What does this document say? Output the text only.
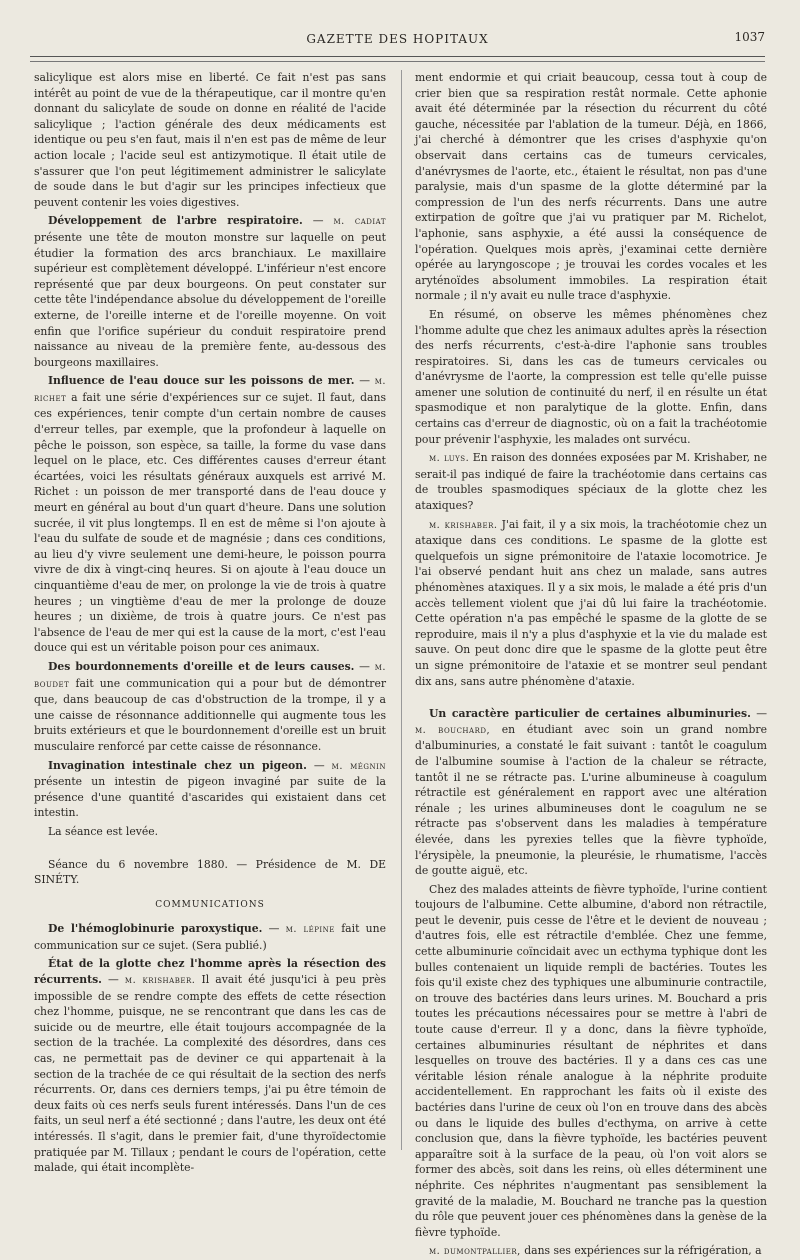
GAZETTE DES HOPITAUX	1037

salicylique est alors mise en liberté. Ce fait n'est pas sans intérêt au point de vue de la thérapeutique, car il montre qu'en donnant du salicylate de soude on donne en réalité de l'acide salicylique ; l'action générale des deux médicaments est identique ou peu s'en faut, mais il n'en est pas de même de leur action locale ; l'acide seul est antizymotique. Il était utile de s'assurer que l'on peut légitimement administrer le salicylate de soude dans le but d'agir sur les principes infectieux que peuvent contenir les voies digestives.

Développement de l'arbre respiratoire. — m. cadiat présente une tête de mouton monstre sur laquelle on peut étudier la formation des arcs branchiaux. Le maxillaire supérieur est complètement développé. L'inférieur n'est encore représenté que par deux bourgeons. On peut constater sur cette tête l'indépendance absolue du développement de l'oreille externe, de l'oreille interne et de l'oreille moyenne. On voit enfin que l'orifice supérieur du conduit respiratoire prend naissance au niveau de la première fente, au-dessous des bourgeons maxillaires.

Influence de l'eau douce sur les poissons de mer. — m. richet a fait une série d'expériences sur ce sujet. Il faut, dans ces expériences, tenir compte d'un certain nombre de causes d'erreur telles, par exemple, que la profondeur à laquelle on pêche le poisson, son espèce, sa taille, la forme du vase dans lequel on le place, etc. Ces différentes causes d'erreur étant écartées, voici les résultats généraux auxquels est arrivé M. Richet : un poisson de mer transporté dans de l'eau douce y meurt en général au bout d'un quart d'heure. Dans une solution sucrée, il vit plus longtemps. Il en est de même si l'on ajoute à l'eau du sulfate de soude et de magnésie ; dans ces conditions, au lieu d'y vivre seulement une demi-heure, le poisson pourra vivre de dix à vingt-cinq heures. Si on ajoute à l'eau douce un cinquantième d'eau de mer, on prolonge la vie de trois à quatre heures ; un vingtième d'eau de mer la prolonge de douze heures ; un dixième, de trois à quatre jours. Ce n'est pas l'absence de l'eau de mer qui est la cause de la mort, c'est l'eau douce qui est un véritable poison pour ces animaux.

Des bourdonnements d'oreille et de leurs causes. — m. boudet fait une communication qui a pour but de démontrer que, dans beaucoup de cas d'obstruction de la trompe, il y a une caisse de résonnance additionnelle qui augmente tous les bruits extérieurs et que le bourdonnement d'oreille est un bruit musculaire renforcé par cette caisse de résonnance.

Invagination intestinale chez un pigeon. — m. mégnin présente un intestin de pigeon invaginé par suite de la présence d'une quantité d'ascarides qui existaient dans cet intestin.

La séance est levée.

Séance du 6 novembre 1880. — Présidence de M. DE SINÉTY.

COMMUNICATIONS

De l'hémoglobinurie paroxystique. — m. lépine fait une communication sur ce sujet. (Sera publié.)

État de la glotte chez l'homme après la résection des récurrents. — m. krishaber. Il avait été jusqu'ici à peu près impossible de se rendre compte des effets de cette résection chez l'homme, puisque, ne se rencontrant que dans les cas de suicide ou de meurtre, elle était toujours accompagnée de la section de la trachée. La complexité des désordres, dans ces cas, ne permettait pas de deviner ce qui appartenait à la section de la trachée de ce qui résultait de la section des nerfs récurrents. Or, dans ces derniers temps, j'ai pu être témoin de deux faits où ces nerfs seuls furent intéressés. Dans l'un de ces faits, un seul nerf a été sectionné ; dans l'autre, les deux ont été intéressés. Il s'agit, dans le premier fait, d'une thyroïdectomie pratiquée par M. Tillaux ; pendant le cours de l'opération, cette malade, qui était incomplète-

ment endormie et qui criait beaucoup, cessa tout à coup de crier bien que sa respiration restât normale. Cette aphonie avait été déterminée par la résection du récurrent du côté gauche, nécessitée par l'ablation de la tumeur. Déjà, en 1866, j'ai cherché à démontrer que les crises d'asphyxie qu'on observait dans certains cas de tumeurs cervicales, d'anévrysmes de l'aorte, etc., étaient le résultat, non pas d'une paralysie, mais d'un spasme de la glotte déterminé par la compression de l'un des nerfs récurrents. Dans une autre extirpation de goître que j'ai vu pratiquer par M. Richelot, l'aphonie, sans asphyxie, a été aussi la conséquence de l'opération. Quelques mois après, j'examinai cette dernière opérée au laryngoscope ; je trouvai les cordes vocales et les aryténoïdes absolument immobiles. La respiration était normale ; il n'y avait eu nulle trace d'asphyxie.

En résumé, on observe les mêmes phénomènes chez l'homme adulte que chez les animaux adultes après la résection des nerfs récurrents, c'est-à-dire l'aphonie sans troubles respiratoires. Si, dans les cas de tumeurs cervicales ou d'anévrysme de l'aorte, la compression est telle qu'elle puisse amener une solution de continuité du nerf, il en résulte un état spasmodique et non paralytique de la glotte. Enfin, dans certains cas d'erreur de diagnostic, où on a fait la trachéotomie pour prévenir l'asphyxie, les malades ont survécu.

m. luys. En raison des données exposées par M. Krishaber, ne serait-il pas indiqué de faire la trachéotomie dans certains cas de troubles spasmodiques spéciaux de la glotte chez les ataxiques?

m. krishaber. J'ai fait, il y a six mois, la trachéotomie chez un ataxique dans ces conditions. Le spasme de la glotte est quelquefois un signe prémonitoire de l'ataxie locomotrice. Je l'ai observé pendant huit ans chez un malade, sans autres phénomènes ataxiques. Il y a six mois, le malade a été pris d'un accès tellement violent que j'ai dû lui faire la trachéotomie. Cette opération n'a pas empêché le spasme de la glotte de se reproduire, mais il n'y a plus d'asphyxie et la vie du malade est sauve. On peut donc dire que le spasme de la glotte peut être un signe prémonitoire de l'ataxie et se montrer seul pendant dix ans, sans autre phénomène d'ataxie.

Un caractère particulier de certaines albuminuries. — m. bouchard, en étudiant avec soin un grand nombre d'albuminuries, a constaté le fait suivant : tantôt le coagulum de l'albumine soumise à l'action de la chaleur se rétracte, tantôt il ne se rétracte pas. L'urine albumineuse à coagulum rétractile est généralement en rapport avec une altération rénale ; les urines albumineuses dont le coagulum ne se rétracte pas s'observent dans les maladies à température élevée, dans les pyrexies telles que la fièvre typhoïde, l'érysipèle, la pneumonie, la pleurésie, le rhumatisme, l'accès de goutte aiguë, etc.

Chez des malades atteints de fièvre typhoïde, l'urine contient toujours de l'albumine. Cette albumine, d'abord non rétractile, peut le devenir, puis cesse de l'être et le devient de nouveau ; d'autres fois, elle est rétractile d'emblée. Chez une femme, cette albuminurie coïncidait avec un ecthyma typhique dont les bulles contenaient un liquide rempli de bactéries. Toutes les fois qu'il existe chez des typhiques une albuminurie contractile, on trouve des bactéries dans leurs urines. M. Bouchard a pris toutes les précautions nécessaires pour se mettre à l'abri de toute cause d'erreur. Il y a donc, dans la fièvre typhoïde, certaines albuminuries résultant de néphrites et dans lesquelles on trouve des bactéries. Il y a dans ces cas une véritable lésion rénale analogue à la néphrite produite accidentellement. En rapprochant les faits où il existe des bactéries dans l'urine de ceux où l'on en trouve dans des abcès ou dans le liquide des bulles d'ecthyma, on arrive à cette conclusion que, dans la fièvre typhoïde, les bactéries peuvent apparaître soit à la surface de la peau, où l'on voit alors se former des abcès, soit dans les reins, où elles déterminent une néphrite. Ces néphrites n'augmentant pas sensiblement la gravité de la maladie, M. Bouchard ne tranche pas la question du rôle que peuvent jouer ces phénomènes dans la genèse de la fièvre typhoïde.

m. dumontpallier, dans ses expériences sur la réfrigération, a
